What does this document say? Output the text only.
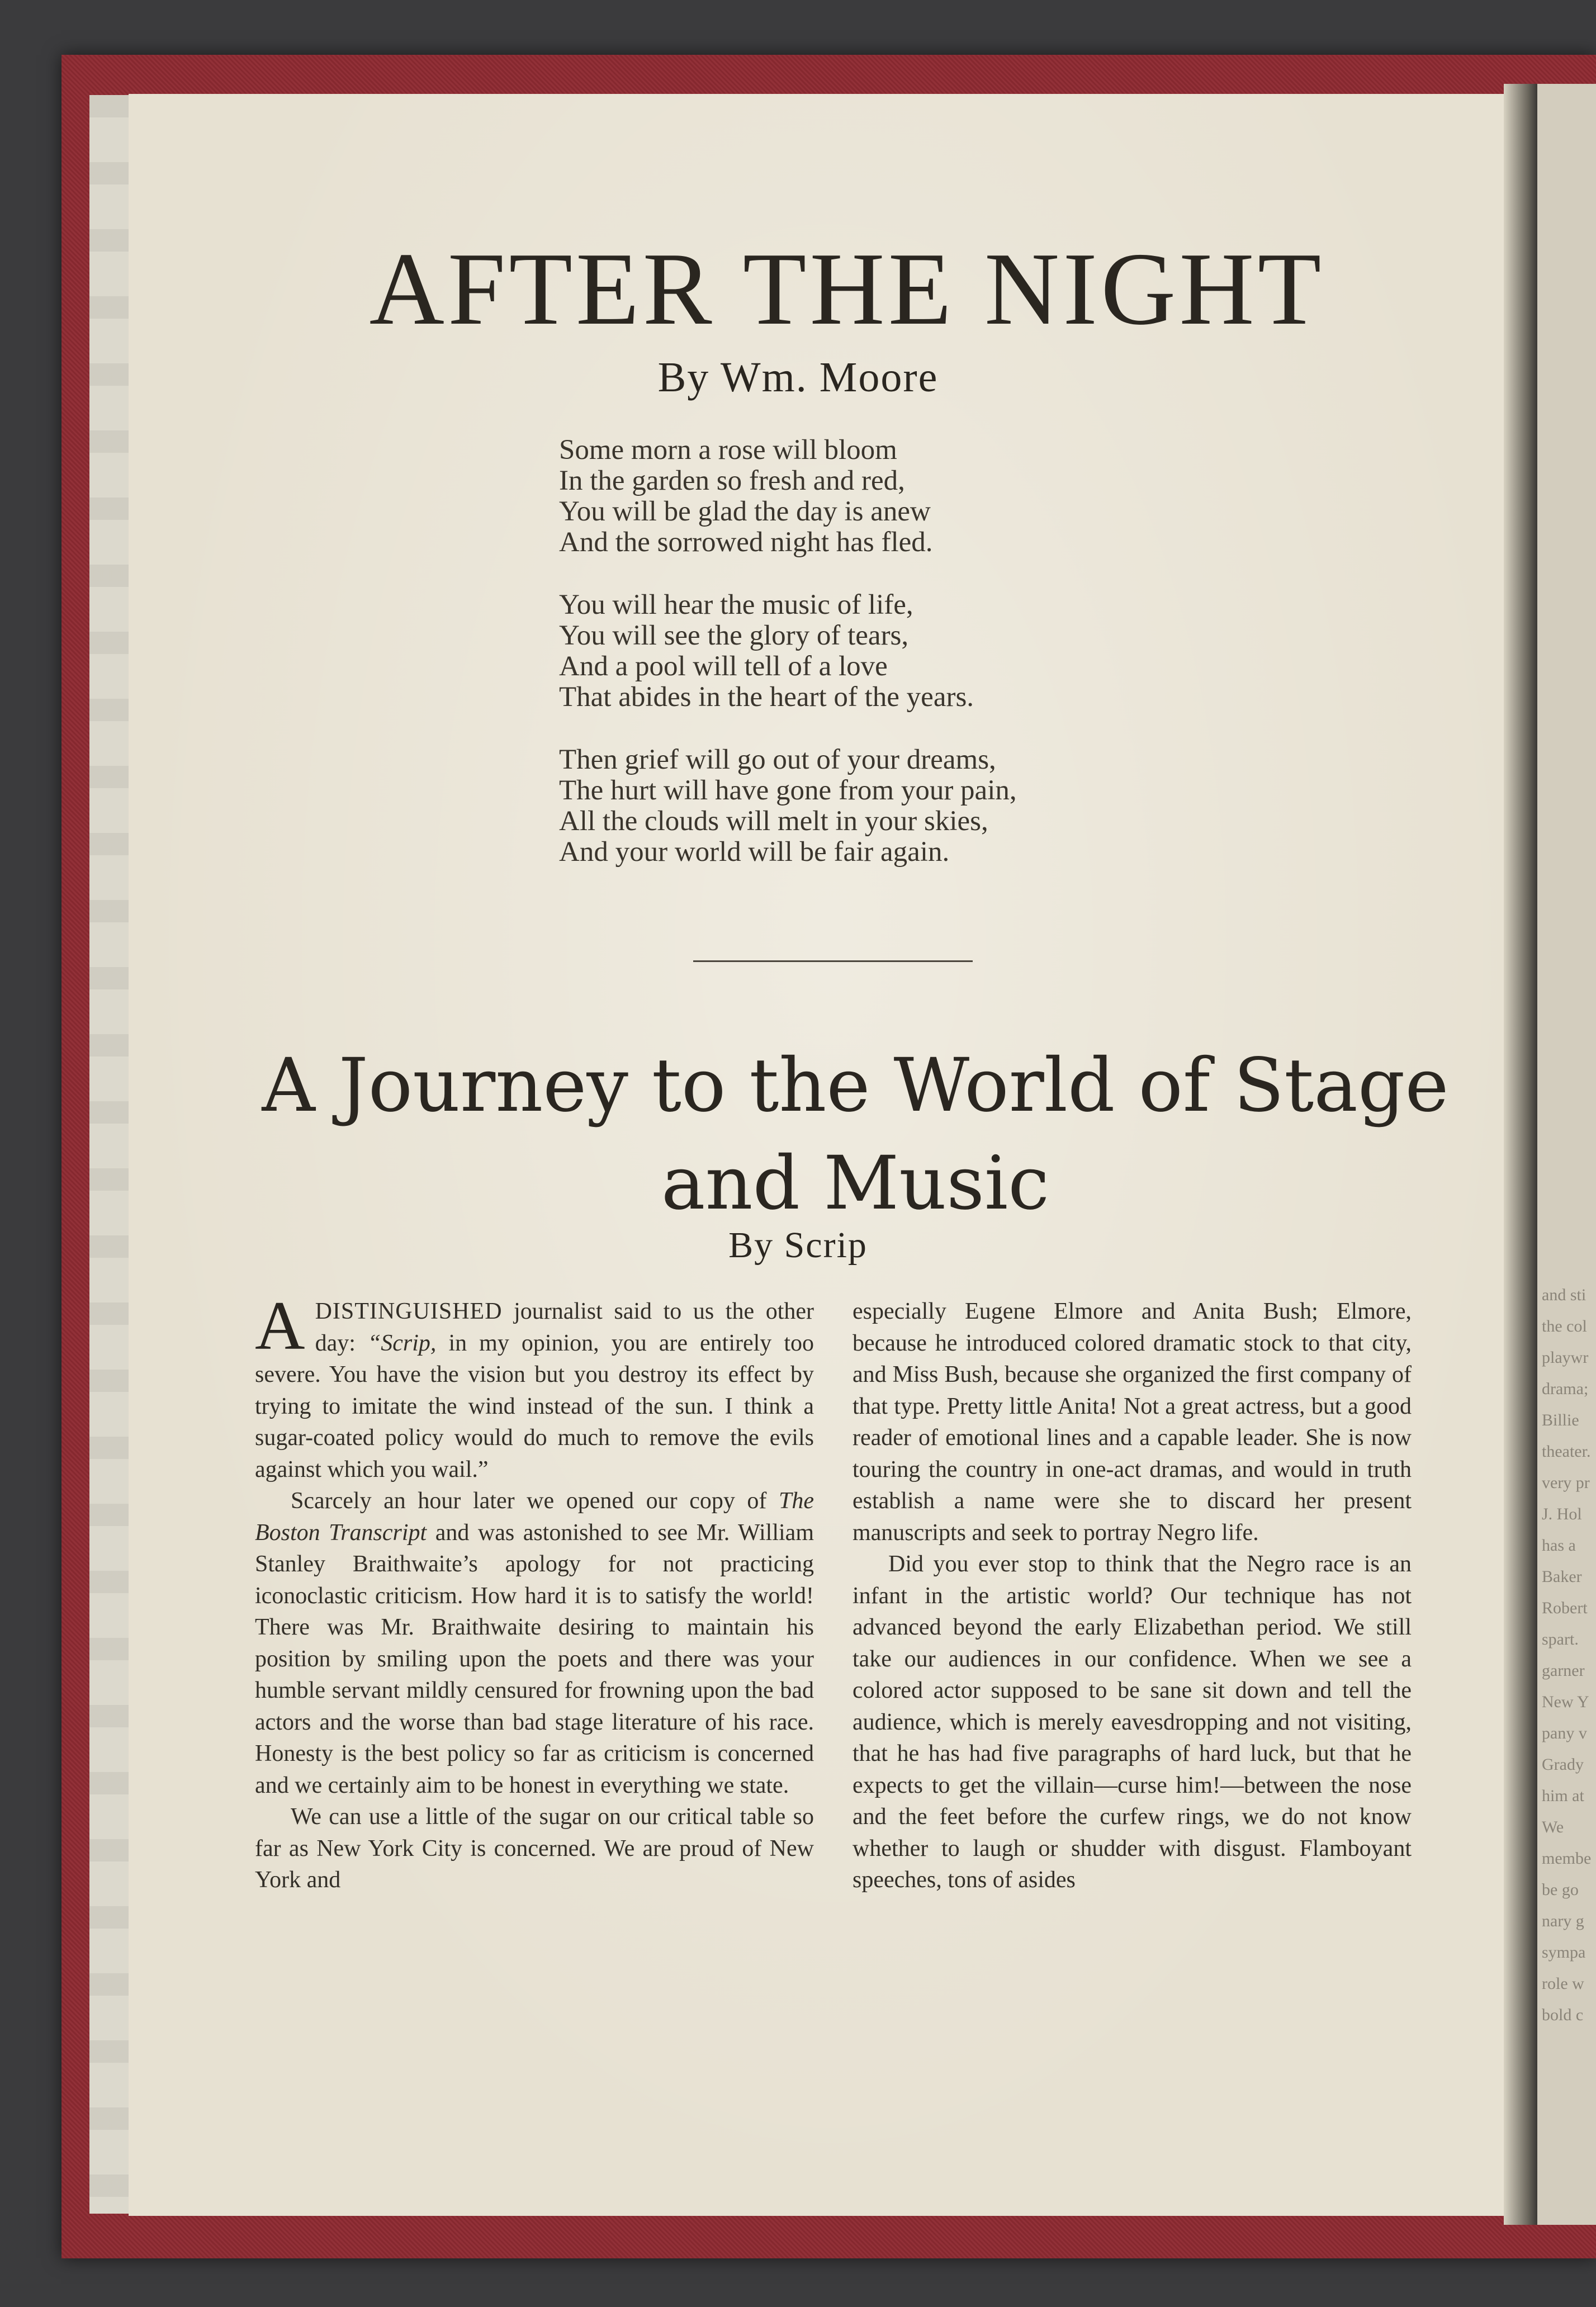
and sti
the col
playwr
drama;
Billie
theater.
very pr
J. Hol
has a
Baker
Robert
spart.
garner
New Y
pany v
Grady
him at
We
membe
be go
nary g
sympa
role w
bold c
AFTER THE NIGHT
By Wm. Moore
Some morn a rose will bloom
In the garden so fresh and red,
You will be glad the day is anew
And the sorrowed night has fled.
You will hear the music of life,
You will see the glory of tears,
And a pool will tell of a love
That abides in the heart of the years.
Then grief will go out of your dreams,
The hurt will have gone from your pain,
All the clouds will melt in your skies,
And your world will be fair again.
A Journey to the World of Stage
and Music
By Scrip

ADISTINGUISHED journalist said to us the other day: “Scrip, in my opinion, you are entirely too severe. You have the vision but you destroy its effect by trying to imitate the wind instead of the sun. I think a sugar-coated policy would do much to remove the evils against which you wail.”

Scarcely an hour later we opened our copy of The Boston Transcript and was astonished to see Mr. William Stanley Braithwaite’s apology for not practicing iconoclastic criticism. How hard it is to satisfy the world! There was Mr. Braithwaite desiring to maintain his position by smiling upon the poets and there was your humble servant mildly censured for frowning upon the bad actors and the worse than bad stage literature of his race. Honesty is the best policy so far as criticism is concerned and we certainly aim to be honest in everything we state.

We can use a little of the sugar on our critical table so far as New York City is concerned. We are proud of New York and

especially Eugene Elmore and Anita Bush; Elmore, because he introduced colored dramatic stock to that city, and Miss Bush, because she organized the first company of that type. Pretty little Anita! Not a great actress, but a good reader of emotional lines and a capable leader. She is now touring the country in one-act dramas, and would in truth establish a name were she to discard her present manuscripts and seek to portray Negro life.

Did you ever stop to think that the Negro race is an infant in the artistic world? Our technique has not advanced beyond the early Elizabethan period. We still take our audiences in our confidence. When we see a colored actor supposed to be sane sit down and tell the audience, which is merely eavesdropping and not visiting, that he has had five paragraphs of hard luck, but that he expects to get the villain—curse him!—between the nose and the feet before the curfew rings, we do not know whether to laugh or shudder with disgust. Flamboyant speeches, tons of asides
